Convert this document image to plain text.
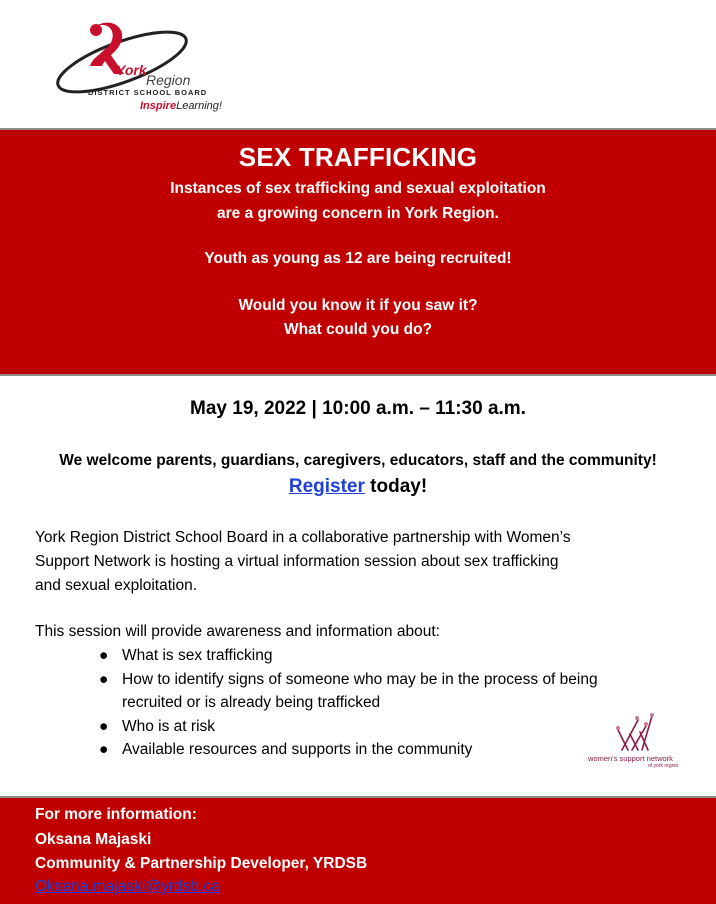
York
Region
DISTRICT SCHOOL BOARD
InspireLearning!
SEX TRAFFICKING
Instances of sex trafficking and sexual exploitation
are a growing concern in York Region.
Youth as young as 12 are being recruited!
Would you know it if you saw it?
What could you do?
May 19, 2022 | 10:00 a.m. – 11:30 a.m.
We welcome parents, guardians, caregivers, educators, staff and the community!
Register today!
York Region District School Board in a collaborative partnership with Women’s
Support Network is hosting a virtual information session about sex trafficking
and sexual exploitation.
This session will provide awareness and information about:
● What is sex trafficking
● How to identify signs of someone who may be in the process of being
recruited or is already being trafficked
● Who is at risk
● Available resources and supports in the community
women’s support network
of york region
For more information:
Oksana Majaski
Community & Partnership Developer, YRDSB
Oksana.majaski@yrdsb.ca
